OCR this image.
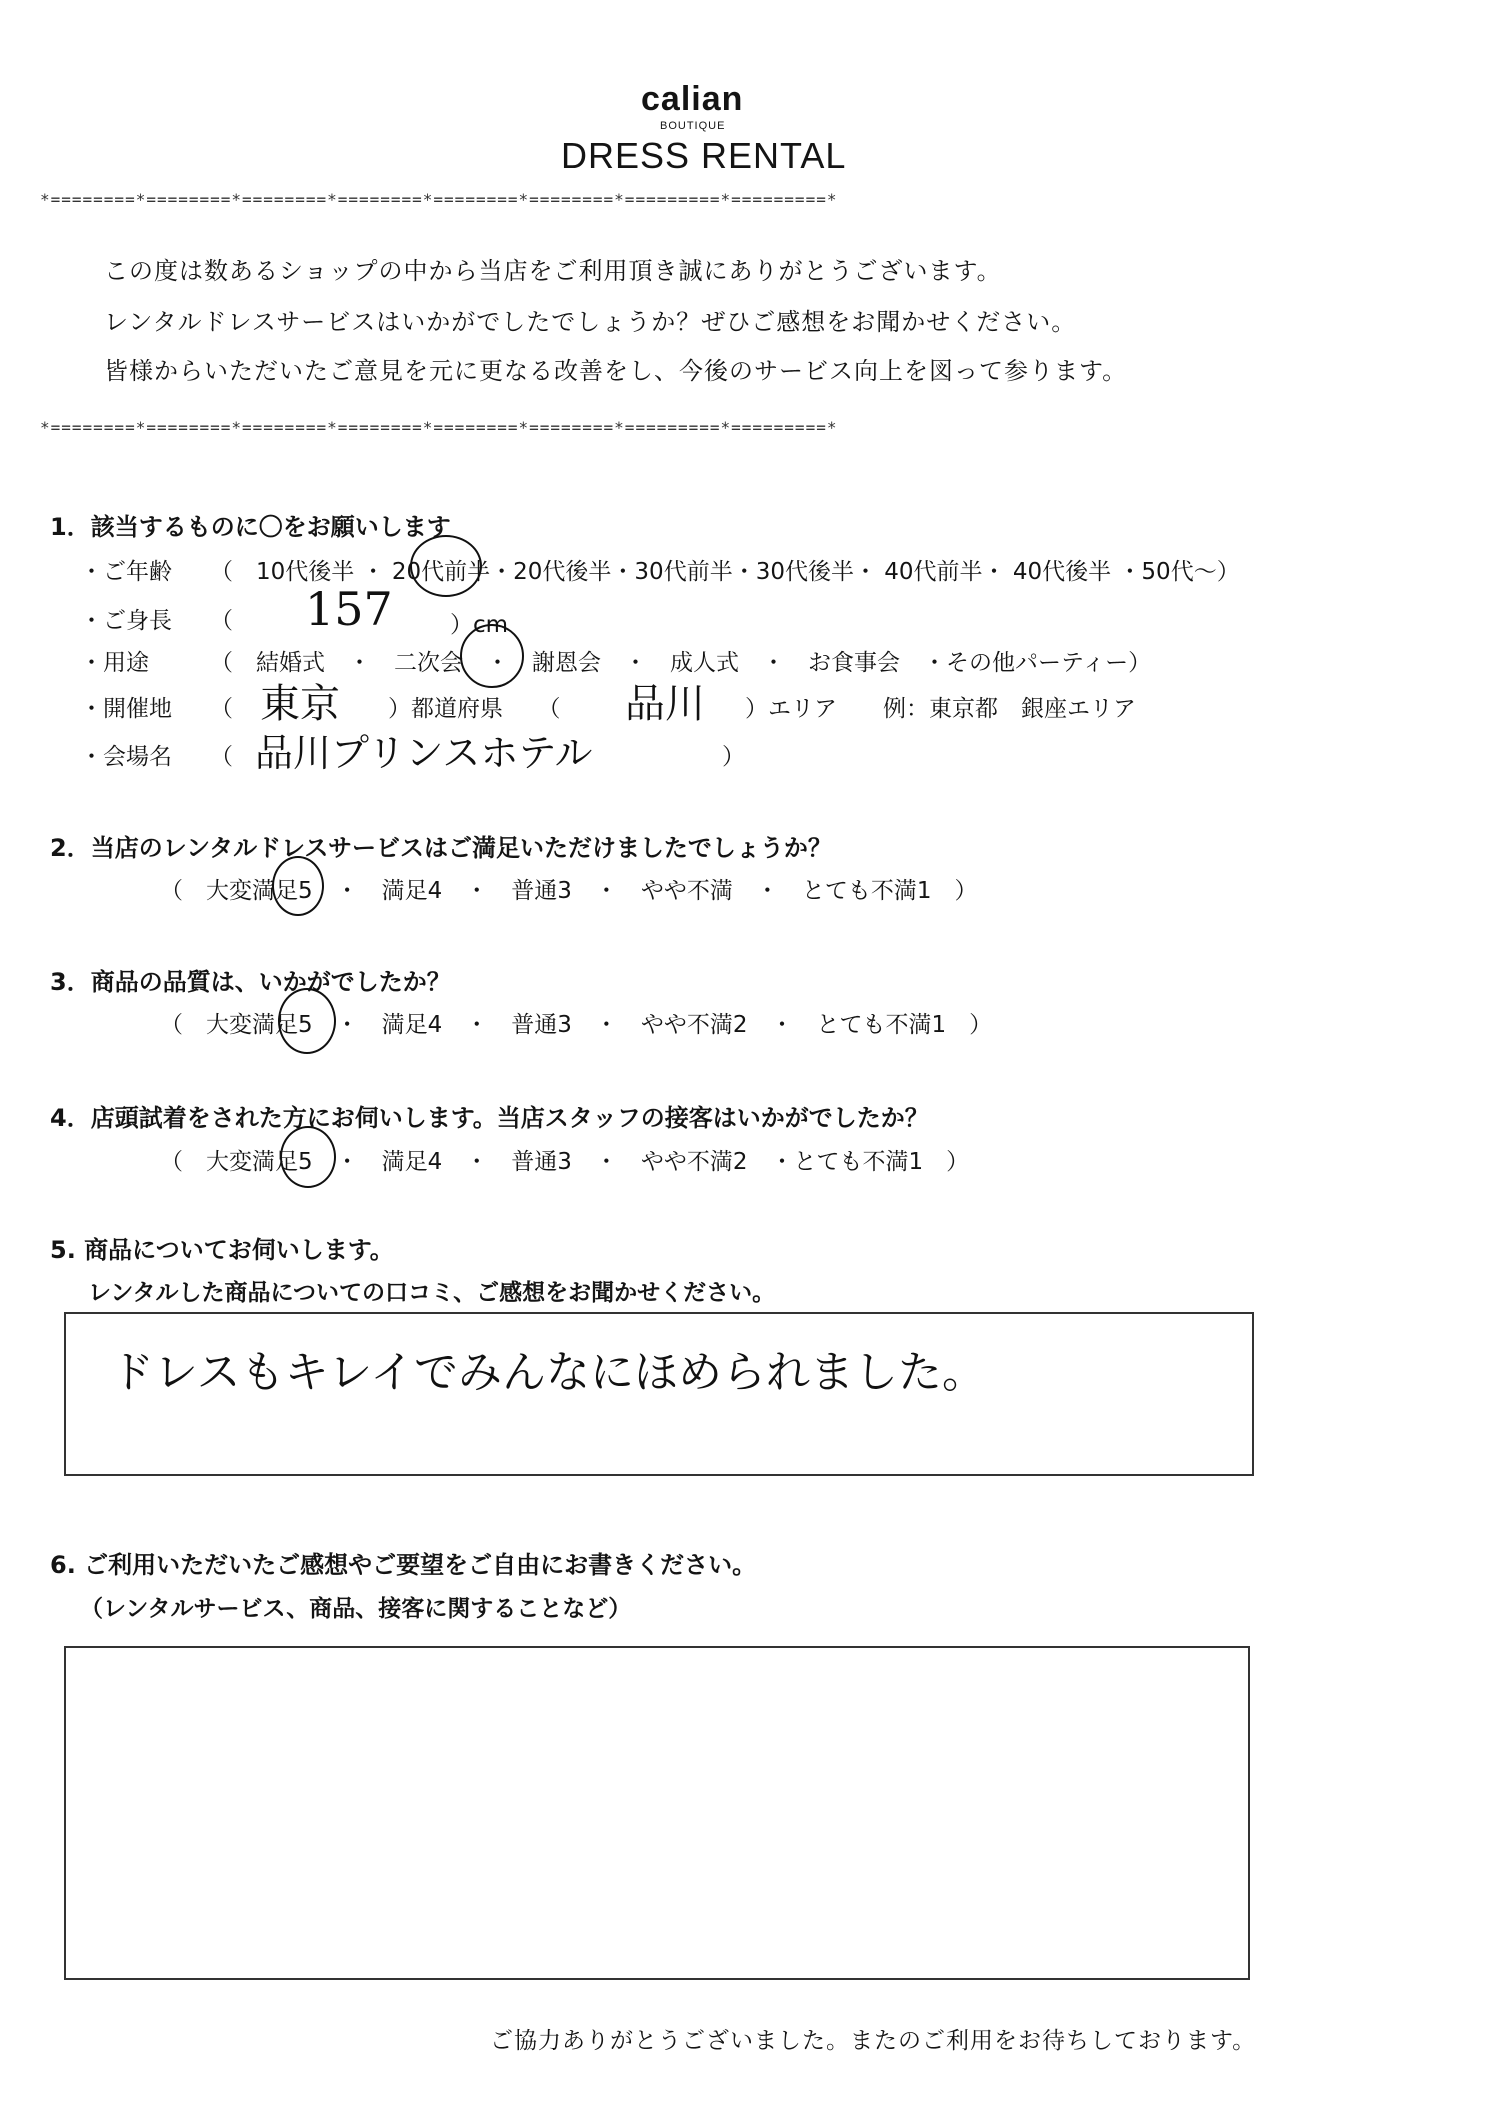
calian
BOUTIQUE
DRESS RENTAL
*========*========*========*========*========*========*=========*=========*
この度は数あるショップの中から当店をご利用頂き誠にありがとうございます。
レンタルドレスサービスはいかがでしたでしょうか？ぜひご感想をお聞かせください。
皆様からいただいたご意見を元に更なる改善をし、今後のサービス向上を図って参ります。
*========*========*========*========*========*========*=========*=========*
1．該当するものに〇をお願いします
・ご年齢 （　10代後半 ・ 20代前半・20代後半・30代前半・30代後半・ 40代前半・ 40代後半 ・50代～）
・ご身長 （ 157 ）cm
・用途	（　結婚式　・　二次会　・　謝恩会　・　成人式　・　お食事会　・その他パーティー）
・開催地 （ 東京 ）都道府県　　（ 品川 ）エリア　　例：東京都　銀座エリア
・会場名 （ 品川プリンスホテル	）
2．当店のレンタルドレスサービスはご満足いただけましたでしょうか？
（　大変満足5　・　満足4　・　普通3　・　やや不満　・　とても不満1　）
3．商品の品質は、いかがでしたか？
（　大変満足5　・　満足4　・　普通3　・　やや不満2　・　とても不満1　）
4．店頭試着をされた方にお伺いします。当店スタッフの接客はいかがでしたか？
（　大変満足5　・　満足4　・　普通3　・　やや不満2　・とても不満1　）
5. 商品についてお伺いします。
レンタルした商品についての口コミ、ご感想をお聞かせください。
ドレスもキレイでみんなにほめられました。
6. ご利用いただいたご感想やご要望をご自由にお書きください。
（レンタルサービス、商品、接客に関することなど）
ご協力ありがとうございました。またのご利用をお待ちしております。
